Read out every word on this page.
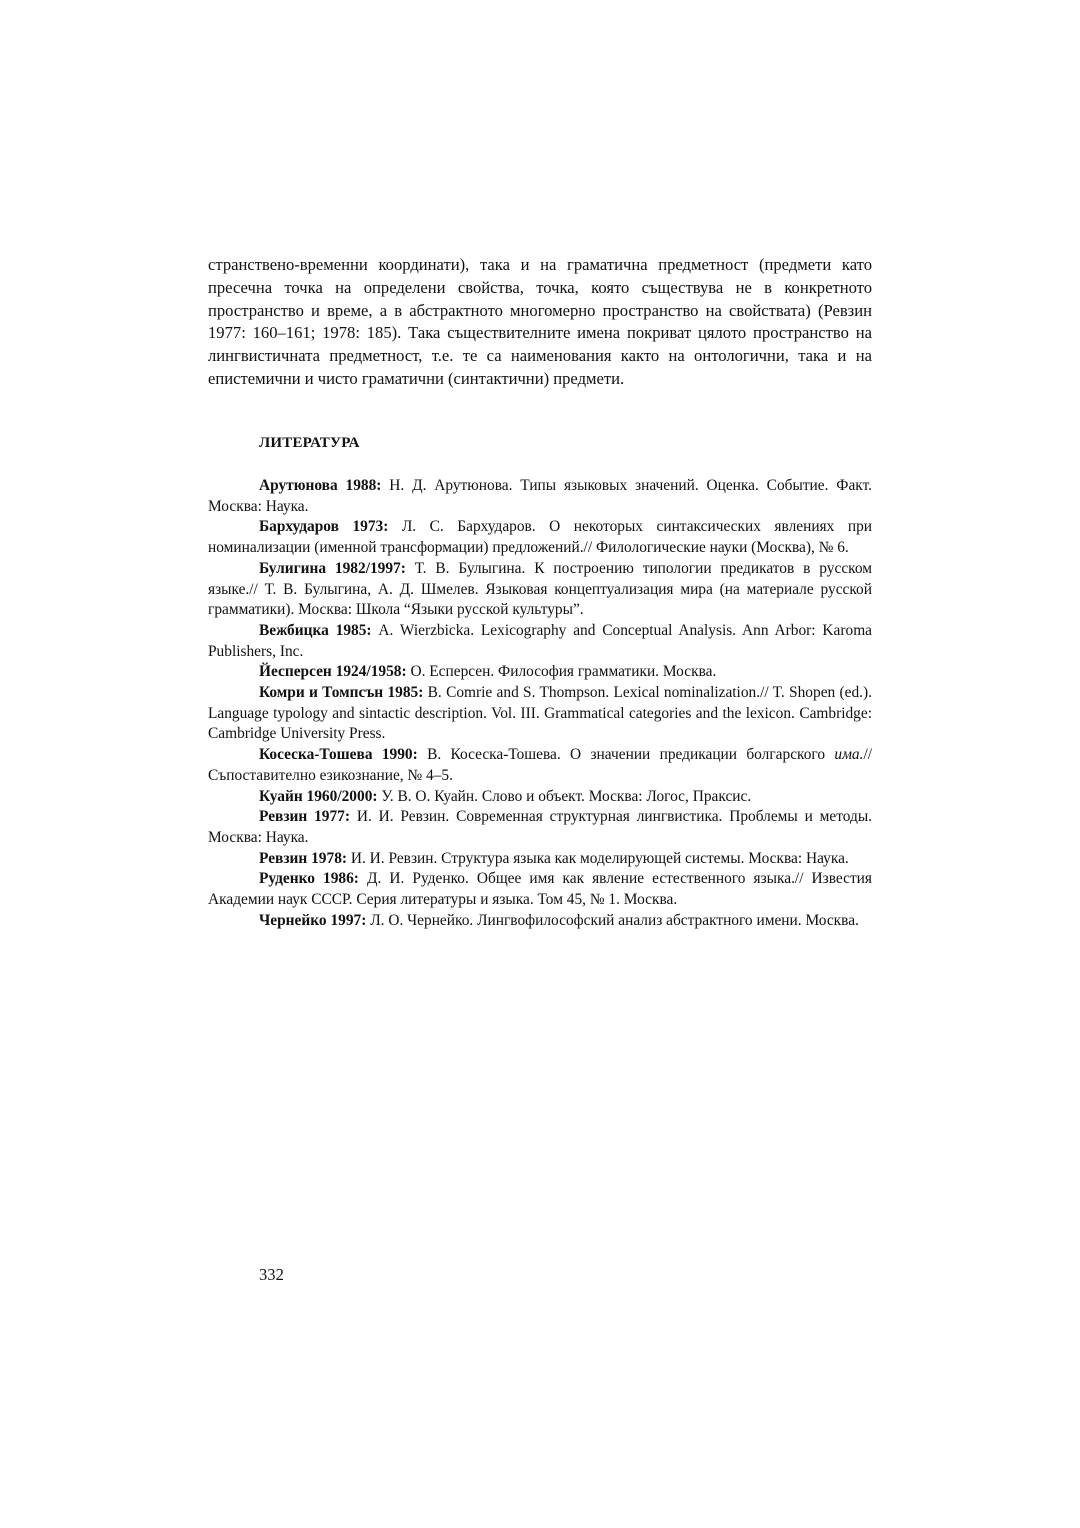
странствено-временни координати), така и на граматична предметност (предмети като пресечна точка на определени свойства, точка, която съществува не в конкретното пространство и време, а в абстрактното многомерно пространство на свойствата) (Ревзин 1977: 160–161; 1978: 185). Така съществителните имена покриват цялото пространство на лингвистичната предметност, т.е. те са наименования както на онтологични, така и на епистемични и чисто граматични (синтактични) предмети.

ЛИТЕРАТУРА

Арутюнова 1988: Н. Д. Арутюнова. Типы языковых значений. Оценка. Событие. Факт. Москва: Наука.

Бархударов 1973: Л. С. Бархударов. О некоторых синтаксических явлениях при номинализации (именной трансформации) предложений.// Филологические науки (Москва), № 6.

Булигина 1982/1997: Т. В. Булыгина. К построению типологии предикатов в русском языке.// Т. В. Булыгина, А. Д. Шмелев. Языковая концептуализация мира (на материале русской грамматики). Москва: Школа “Языки русской культуры”.

Вежбицка 1985: A. Wierzbicka. Lexicography and Conceptual Analysis. Ann Arbor: Karoma Publishers, Inc.

Йесперсен 1924/1958: О. Есперсен. Философия грамматики. Москва.

Комри и Томпсън 1985: B. Comrie and S. Thompson. Lexical nominalization.// T. Shopen (ed.). Language typology and sintactic description. Vol. III. Grammatical categories and the lexicon. Cambridge: Cambridge University Press.

Косеска-Тошева 1990: В. Косеска-Тошева. О значении предикации болгарского има.// Съпоставително езикознание, № 4–5.

Куайн 1960/2000: У. В. О. Куайн. Слово и объект. Москва: Логос, Праксис.

Ревзин 1977: И. И. Ревзин. Современная структурная лингвистика. Проблемы и методы. Москва: Наука.

Ревзин 1978: И. И. Ревзин. Структура языка как моделирующей системы. Москва: Наука.

Руденко 1986: Д. И. Руденко. Общее имя как явление естественного языка.// Известия Академии наук СССР. Серия литературы и языка. Том 45, № 1. Москва.

Чернейко 1997: Л. О. Чернейко. Лингвофилософский анализ абстрактного имени. Москва.

332
